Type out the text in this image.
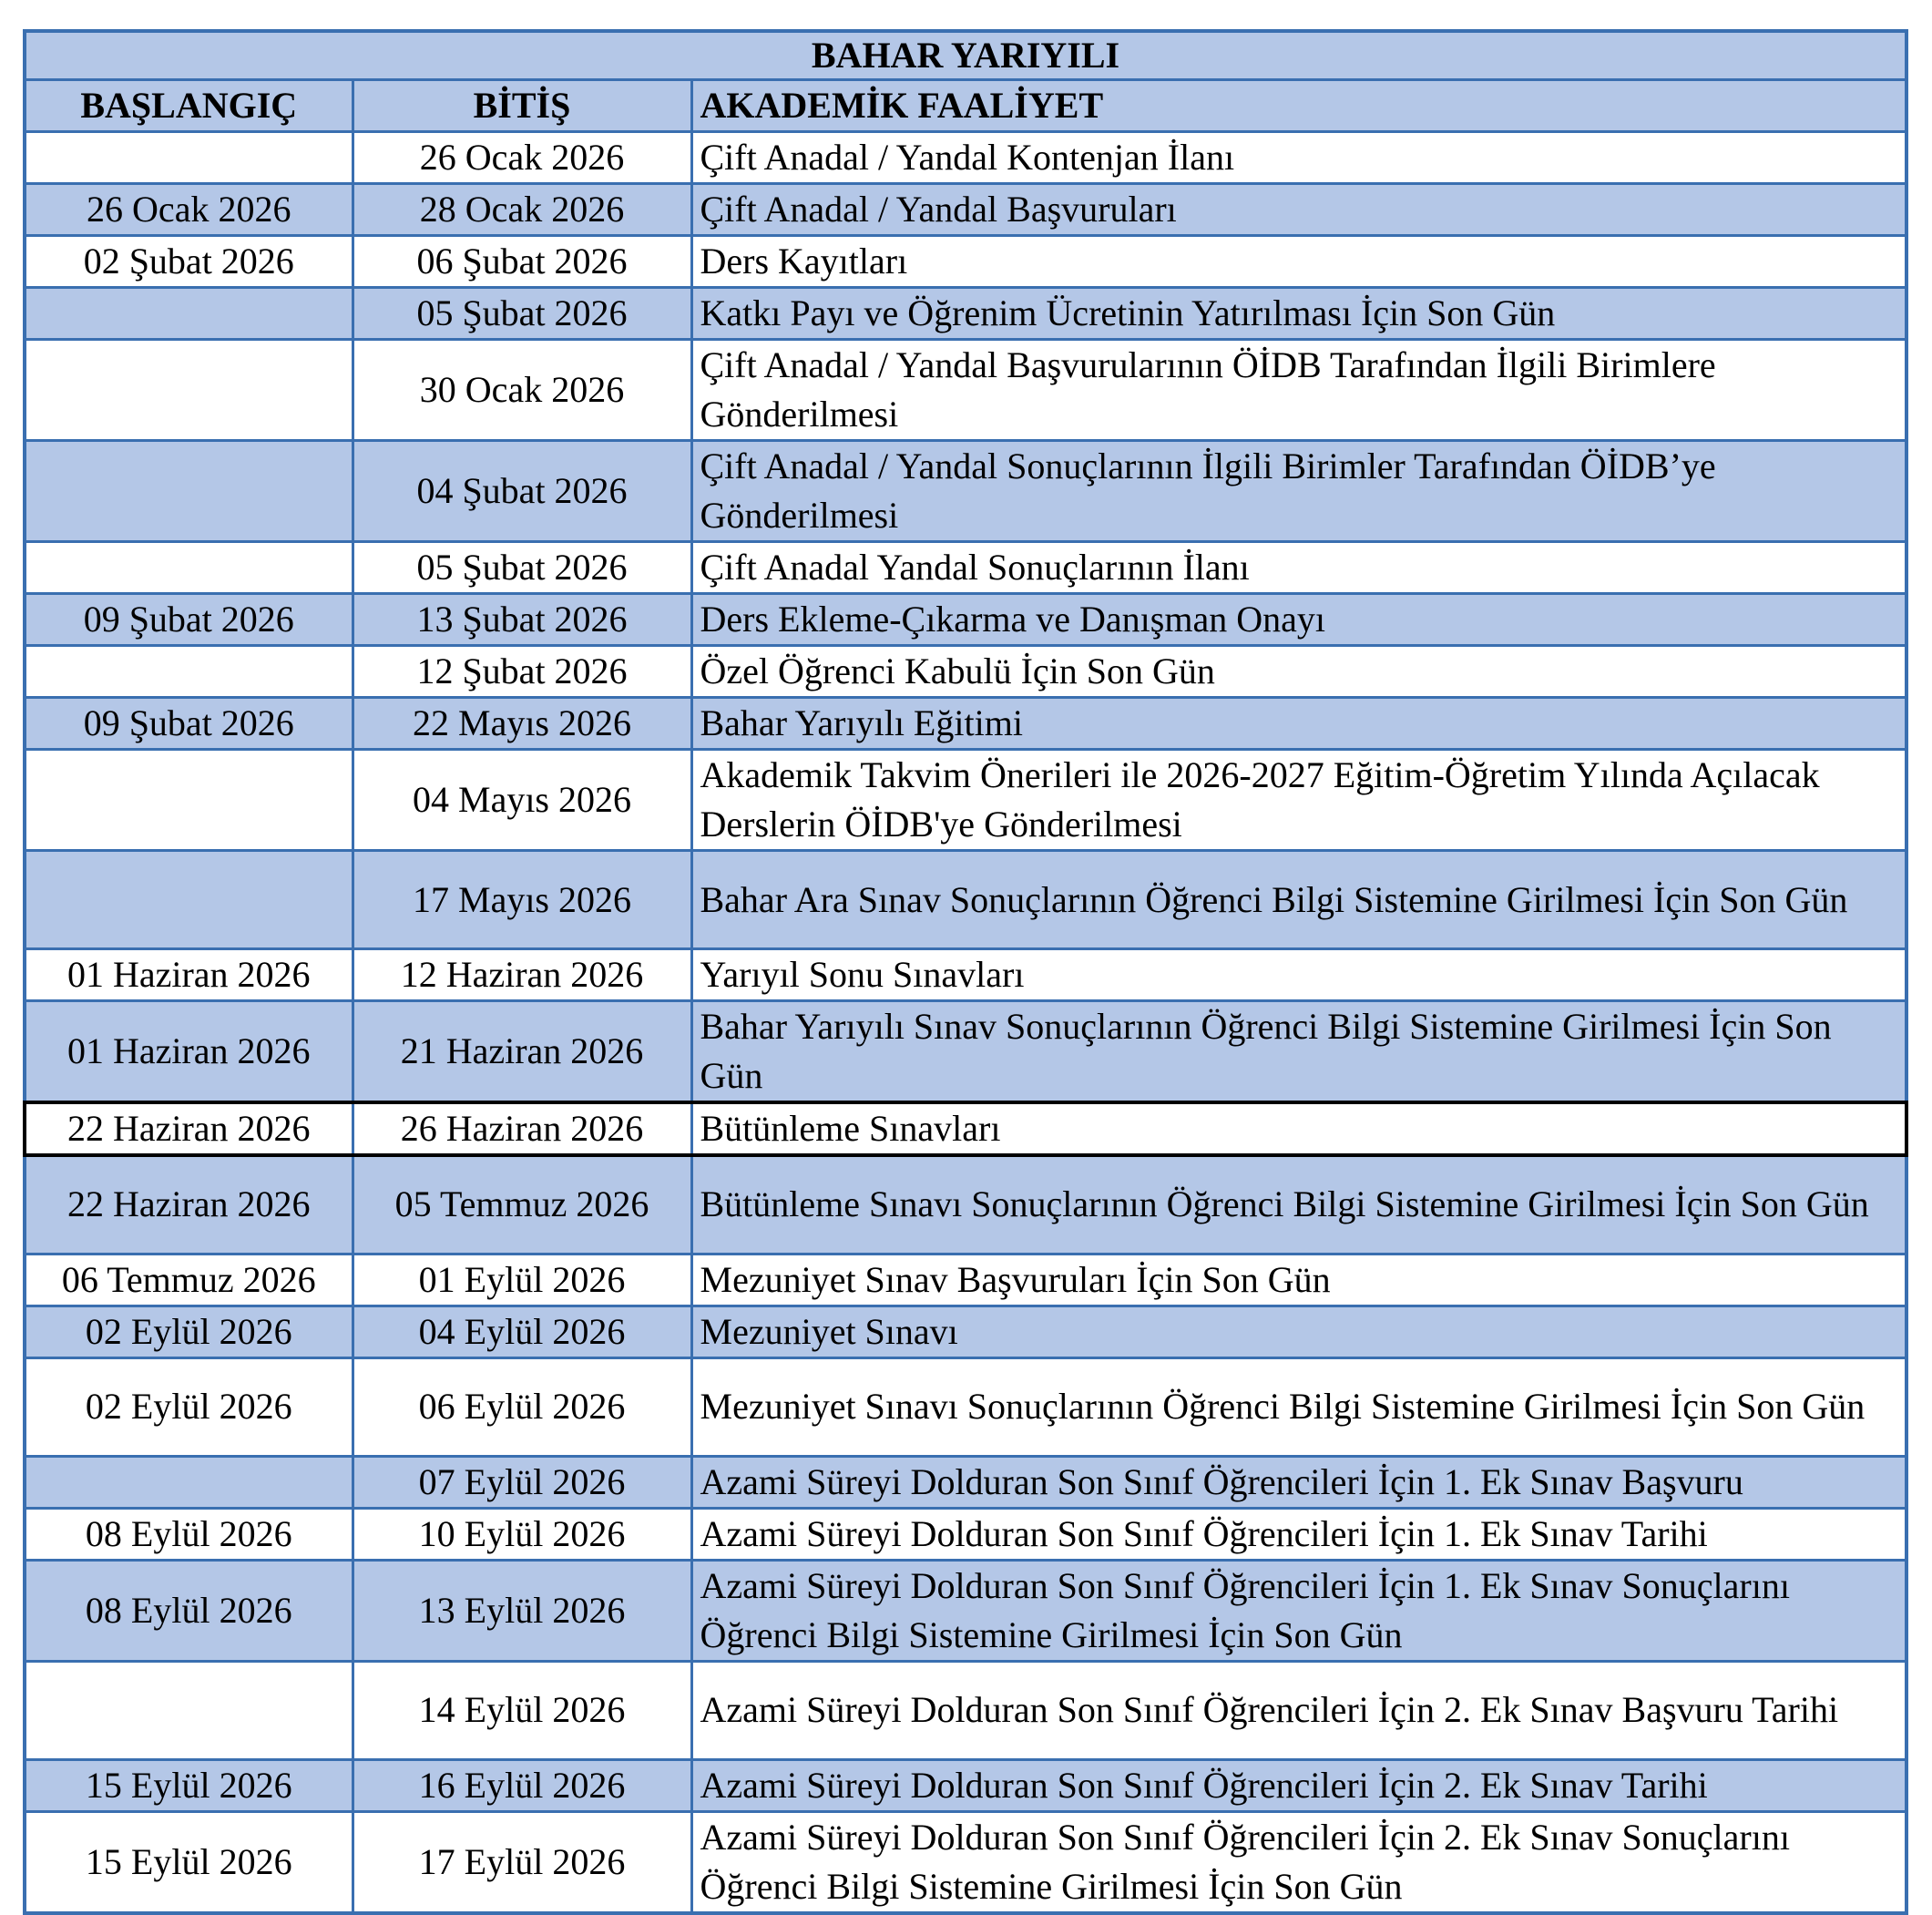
BAHAR YARIYILI		
BAŞLANGIÇ	BİTİŞ	AKADEMİK FAALİYET
	26 Ocak 2026	Çift Anadal / Yandal Kontenjan İlanı
26 Ocak 2026	28 Ocak 2026	Çift Anadal / Yandal Başvuruları
02 Şubat 2026	06 Şubat 2026	Ders Kayıtları
	05 Şubat 2026	Katkı Payı ve Öğrenim Ücretinin Yatırılması İçin Son Gün
	30 Ocak 2026	Çift Anadal / Yandal Başvurularının ÖİDB Tarafından İlgili Birimlere Gönderilmesi
	04 Şubat 2026	Çift Anadal / Yandal Sonuçlarının İlgili Birimler Tarafından ÖİDB’ye Gönderilmesi
	05 Şubat 2026	Çift Anadal Yandal Sonuçlarının İlanı
09 Şubat 2026	13 Şubat 2026	Ders Ekleme-Çıkarma ve Danışman Onayı
	12 Şubat 2026	Özel Öğrenci Kabulü İçin Son Gün
09 Şubat 2026	22 Mayıs 2026	Bahar Yarıyılı Eğitimi
	04 Mayıs 2026	Akademik Takvim Önerileri ile 2026-2027 Eğitim-Öğretim Yılında Açılacak Derslerin ÖİDB'ye Gönderilmesi
	17 Mayıs 2026	Bahar Ara Sınav Sonuçlarının Öğrenci Bilgi Sistemine Girilmesi İçin Son Gün
01 Haziran 2026	12 Haziran 2026	Yarıyıl Sonu Sınavları
01 Haziran 2026	21 Haziran 2026	Bahar Yarıyılı Sınav Sonuçlarının Öğrenci Bilgi Sistemine Girilmesi İçin Son Gün
22 Haziran 2026	26 Haziran 2026	Bütünleme Sınavları
22 Haziran 2026	05 Temmuz 2026	Bütünleme Sınavı Sonuçlarının Öğrenci Bilgi Sistemine Girilmesi İçin Son Gün
06 Temmuz 2026	01 Eylül 2026	Mezuniyet Sınav Başvuruları İçin Son Gün
02 Eylül 2026	04 Eylül 2026	Mezuniyet Sınavı
02 Eylül 2026	06 Eylül 2026	Mezuniyet Sınavı Sonuçlarının Öğrenci Bilgi Sistemine Girilmesi İçin Son Gün
	07 Eylül 2026	Azami Süreyi Dolduran Son Sınıf Öğrencileri İçin 1. Ek Sınav Başvuru
08 Eylül 2026	10 Eylül 2026	Azami Süreyi Dolduran Son Sınıf Öğrencileri İçin 1. Ek Sınav Tarihi
08 Eylül 2026	13 Eylül 2026	Azami Süreyi Dolduran Son Sınıf Öğrencileri İçin 1. Ek Sınav Sonuçlarını Öğrenci Bilgi Sistemine Girilmesi İçin Son Gün
	14 Eylül 2026	Azami Süreyi Dolduran Son Sınıf Öğrencileri İçin 2. Ek Sınav Başvuru Tarihi
15 Eylül 2026	16 Eylül 2026	Azami Süreyi Dolduran Son Sınıf Öğrencileri İçin 2. Ek Sınav Tarihi
15 Eylül 2026	17 Eylül 2026	Azami Süreyi Dolduran Son Sınıf Öğrencileri İçin 2. Ek Sınav Sonuçlarını Öğrenci Bilgi Sistemine Girilmesi İçin Son Gün
